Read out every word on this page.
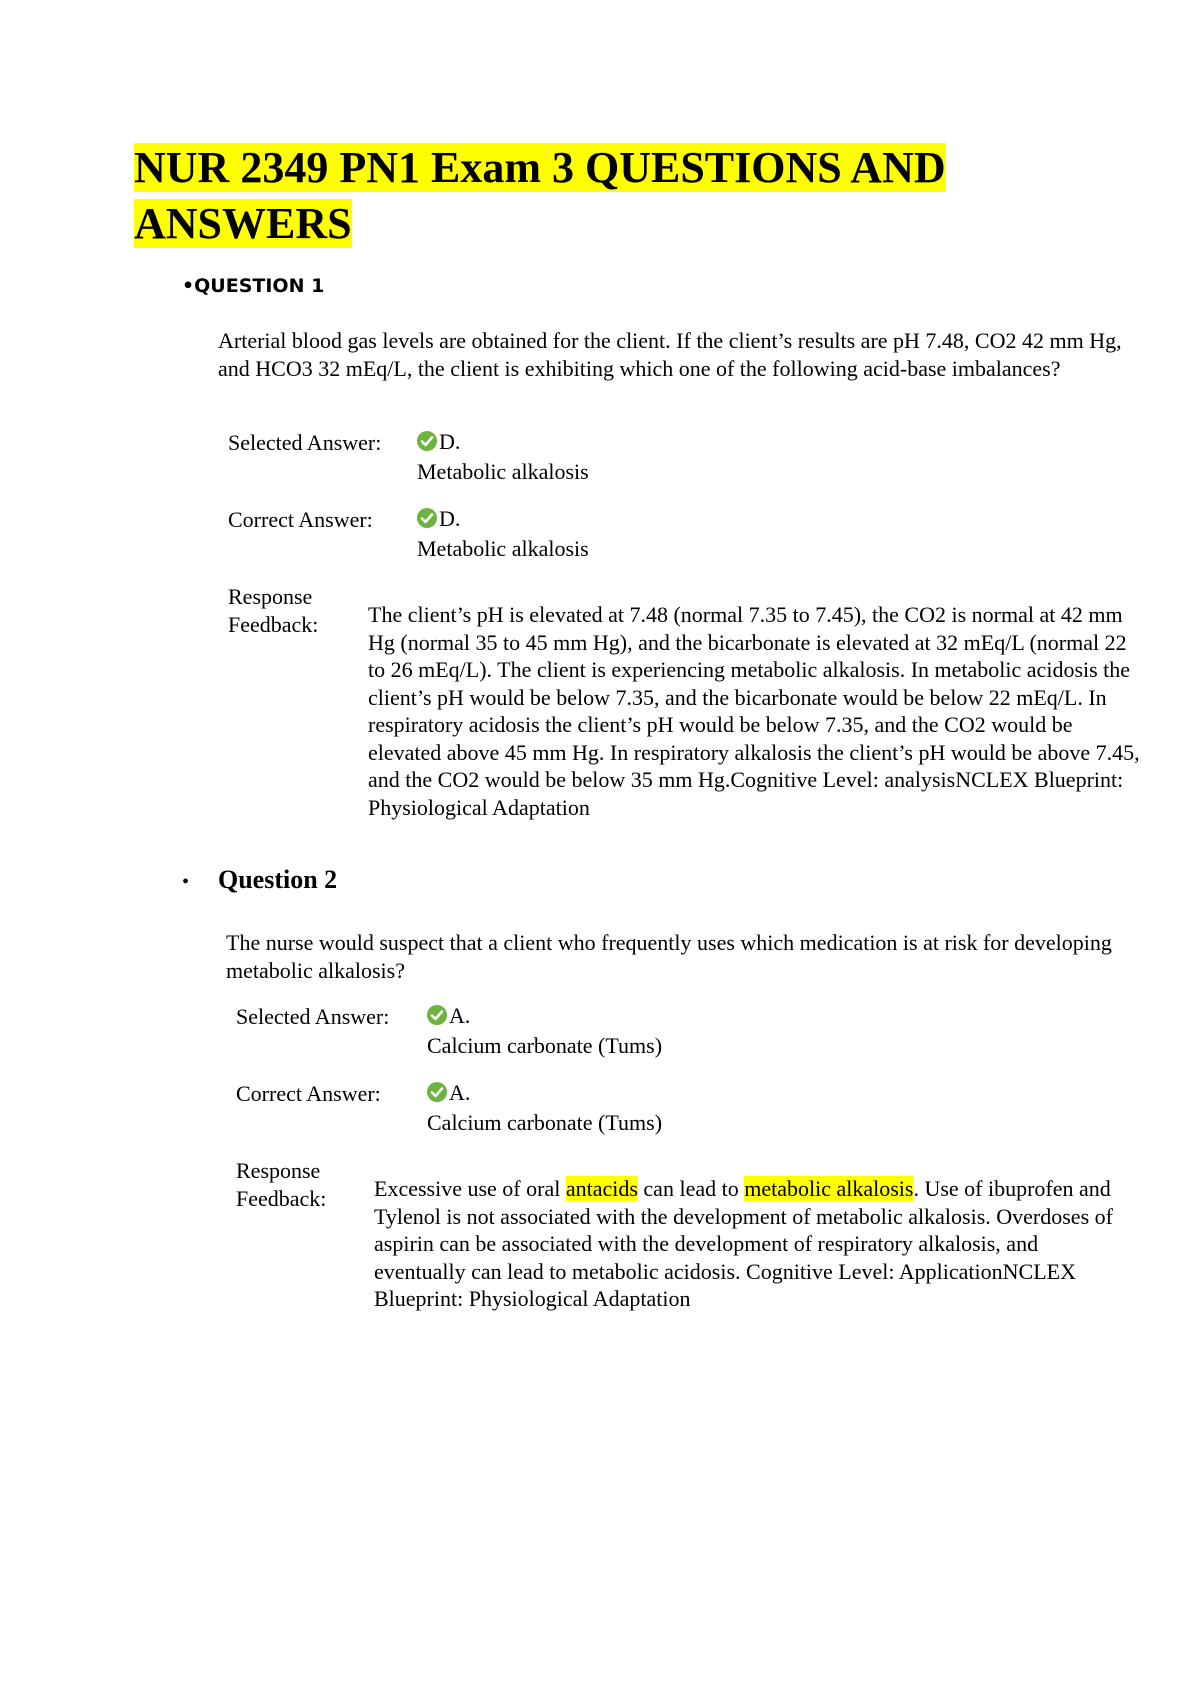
NUR 2349 PN1 Exam 3 QUESTIONS AND ANSWERS
•QUESTION 1

Arterial blood gas levels are obtained for the client. If the client’s results are pH 7.48, CO2 42 mm Hg, and HCO3 32 mEq/L, the client is exhibiting which one of the following acid-base imbalances?

Selected Answer:	D.
Metabolic alkalosis
Correct Answer:	D.
Metabolic alkalosis
Response Feedback:	The client’s pH is elevated at 7.48 (normal 7.35 to 7.45), the CO2 is normal at 42 mm Hg (normal 35 to 45 mm Hg), and the bicarbonate is elevated at 32 mEq/L (normal 22 to 26 mEq/L). The client is experiencing metabolic alkalosis. In metabolic acidosis the client’s pH would be below 7.35, and the bicarbonate would be below 22 mEq/L. In respiratory acidosis the client’s pH would be below 7.35, and the CO2 would be elevated above 45 mm Hg. In respiratory alkalosis the client’s pH would be above 7.45, and the CO2 would be below 35 mm Hg.Cognitive Level: analysisNCLEX Blueprint: Physiological Adaptation

• Question 2

The nurse would suspect that a client who frequently uses which medication is at risk for developing metabolic alkalosis?

Selected Answer:	A.
Calcium carbonate (Tums)
Correct Answer:	A.
Calcium carbonate (Tums)
Response Feedback:	Excessive use of oral antacids can lead to metabolic alkalosis. Use of ibuprofen and Tylenol is not associated with the development of metabolic alkalosis. Overdoses of aspirin can be associated with the development of respiratory alkalosis, and eventually can lead to metabolic acidosis. Cognitive Level: ApplicationNCLEX Blueprint: Physiological Adaptation
